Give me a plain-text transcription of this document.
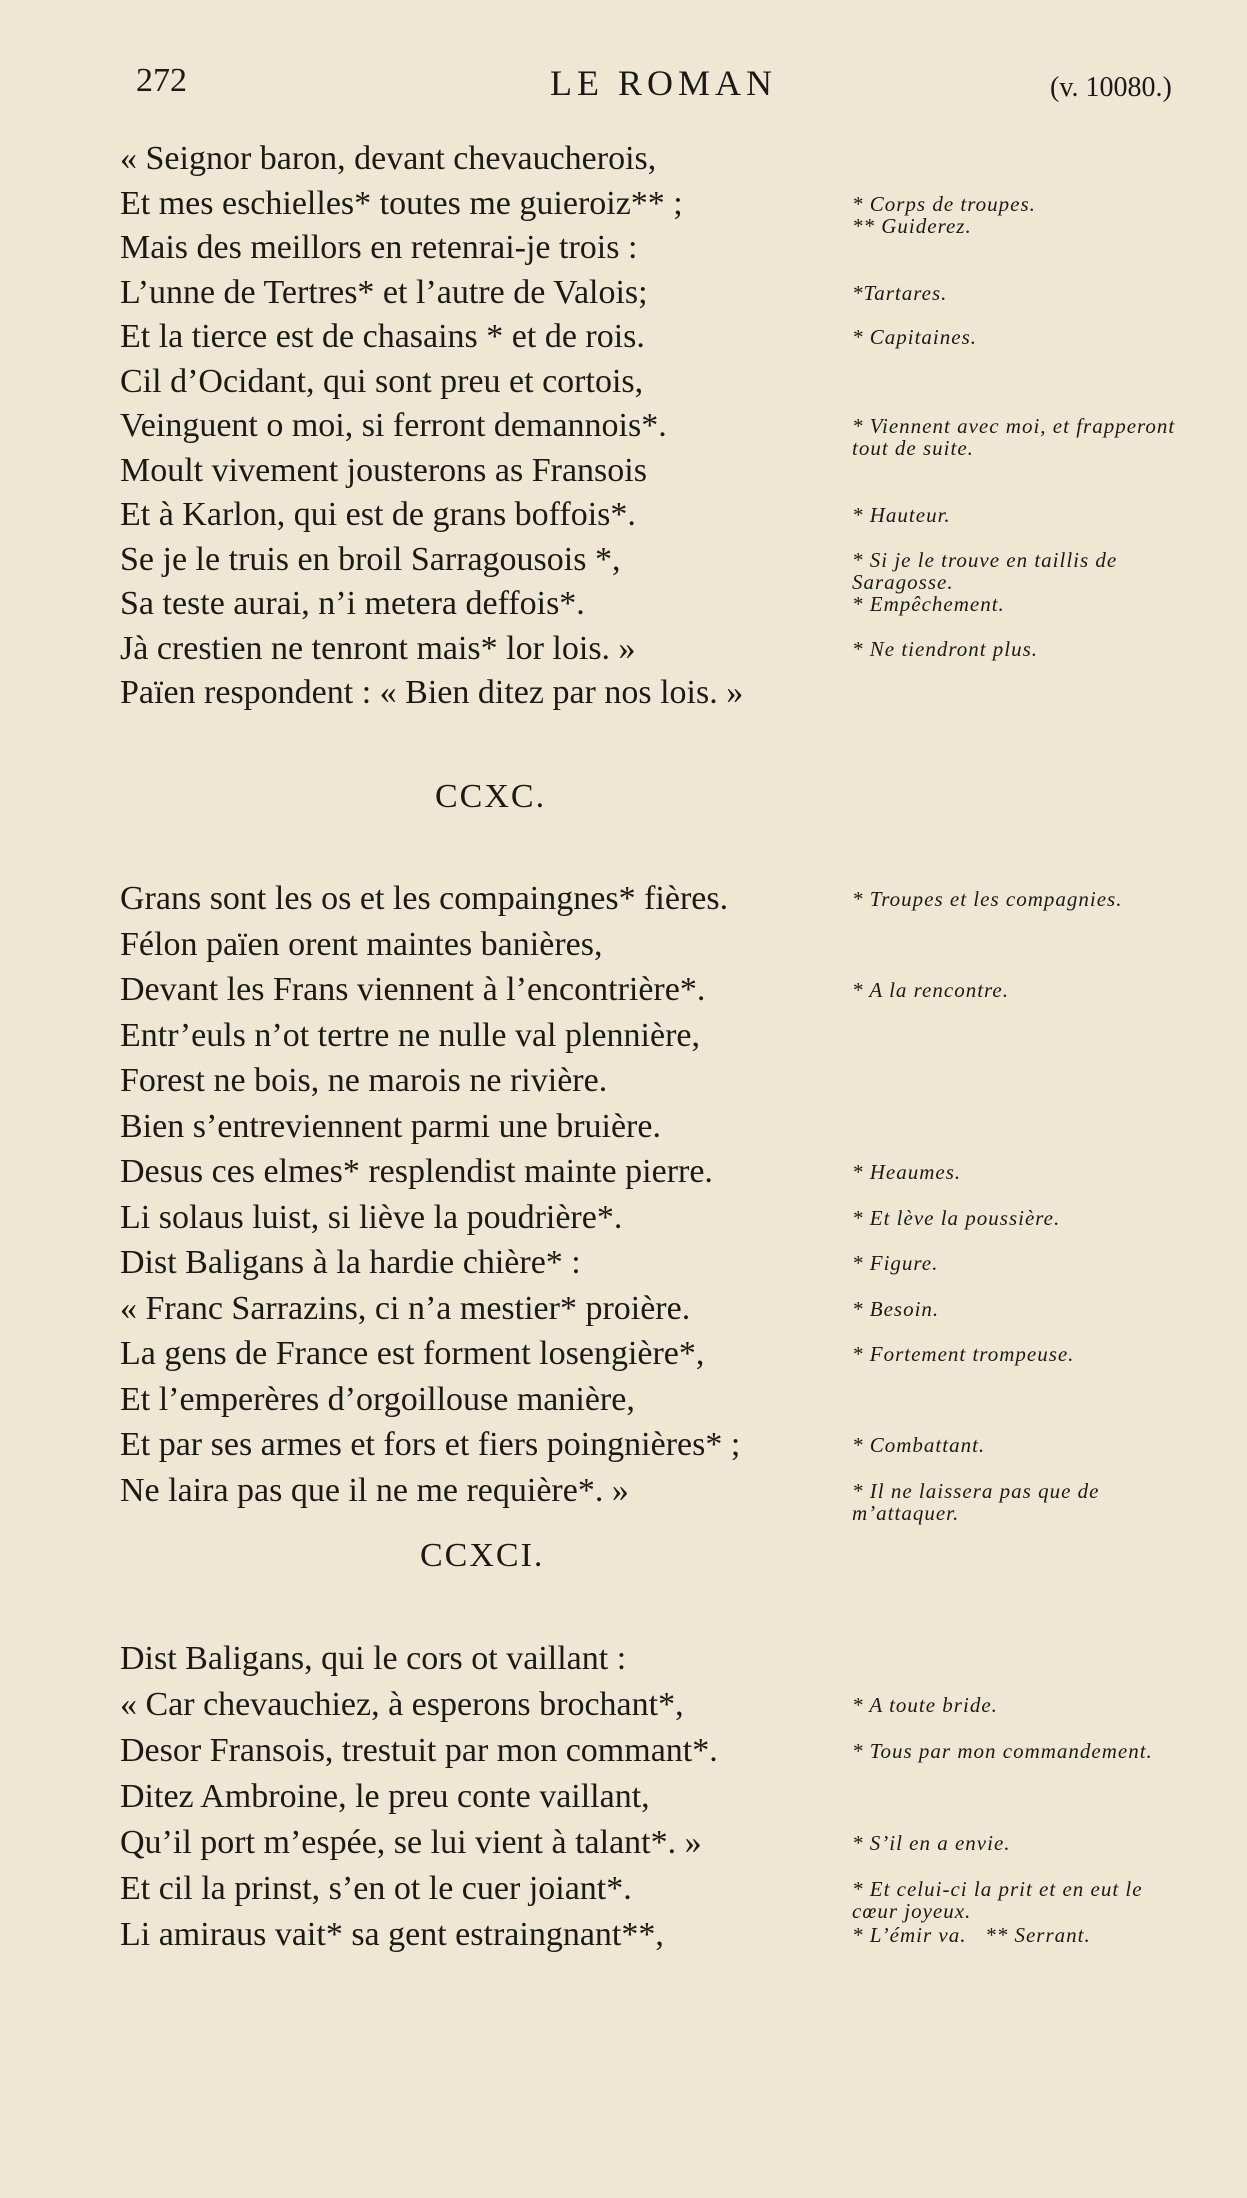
272	LE ROMAN	(v. 10080.)
« Seignor baron, devant chevaucherois,
Et mes eschielles* toutes me guieroiz** ;
Mais des meillors en retenrai-je trois :
L’unne de Tertres* et l’autre de Valois;
Et la tierce est de chasains * et de rois.
Cil d’Ocidant, qui sont preu et cortois,
Veinguent o moi, si ferront demannois*.
Moult vivement jousterons as Fransois
Et à Karlon, qui est de grans boffois*.
Se je le truis en broil Sarragousois *,
Sa teste aurai, n’i metera deffois*.
Jà crestien ne tenront mais* lor lois. »
Païen respondent : « Bien ditez par nos lois. »
* Corps de troupes.
** Guiderez.
*Tartares.
* Capitaines.
* Viennent avec moi, et frapperont tout de suite.
* Hauteur.
* Si je le trouve en taillis de Saragosse.
* Empêchement.
* Ne tiendront plus.
CCXC.
Grans sont les os et les compaingnes* fières.
Félon païen orent maintes banières,
Devant les Frans viennent à l’encontrière*.
Entr’euls n’ot tertre ne nulle val plennière,
Forest ne bois, ne marois ne rivière.
Bien s’entreviennent parmi une bruière.
Desus ces elmes* resplendist mainte pierre.
Li solaus luist, si liève la poudrière*.
Dist Baligans à la hardie chière* :
« Franc Sarrazins, ci n’a mestier* proière.
La gens de France est forment losengière*,
Et l’emperères d’orgoillouse manière,
Et par ses armes et fors et fiers poingnières* ;
Ne laira pas que il ne me requière*. »
* Troupes et les compagnies.
* A la rencontre.
* Heaumes.
* Et lève la poussière.
* Figure.
* Besoin.
* Fortement trompeuse.
* Combattant.
* Il ne laissera pas que de m’attaquer.
CCXCI.
Dist Baligans, qui le cors ot vaillant :
« Car chevauchiez, à esperons brochant*,
Desor Fransois, trestuit par mon commant*.
Ditez Ambroine, le preu conte vaillant,
Qu’il port m’espée, se lui vient à talant*. »
Et cil la prinst, s’en ot le cuer joiant*.
Li amiraus vait* sa gent estraingnant**,
* A toute bride.
* Tous par mon commandement.
* S’il en a envie.
* Et celui-ci la prit et en eut le cœur joyeux.
* L’émir va.   ** Serrant.
